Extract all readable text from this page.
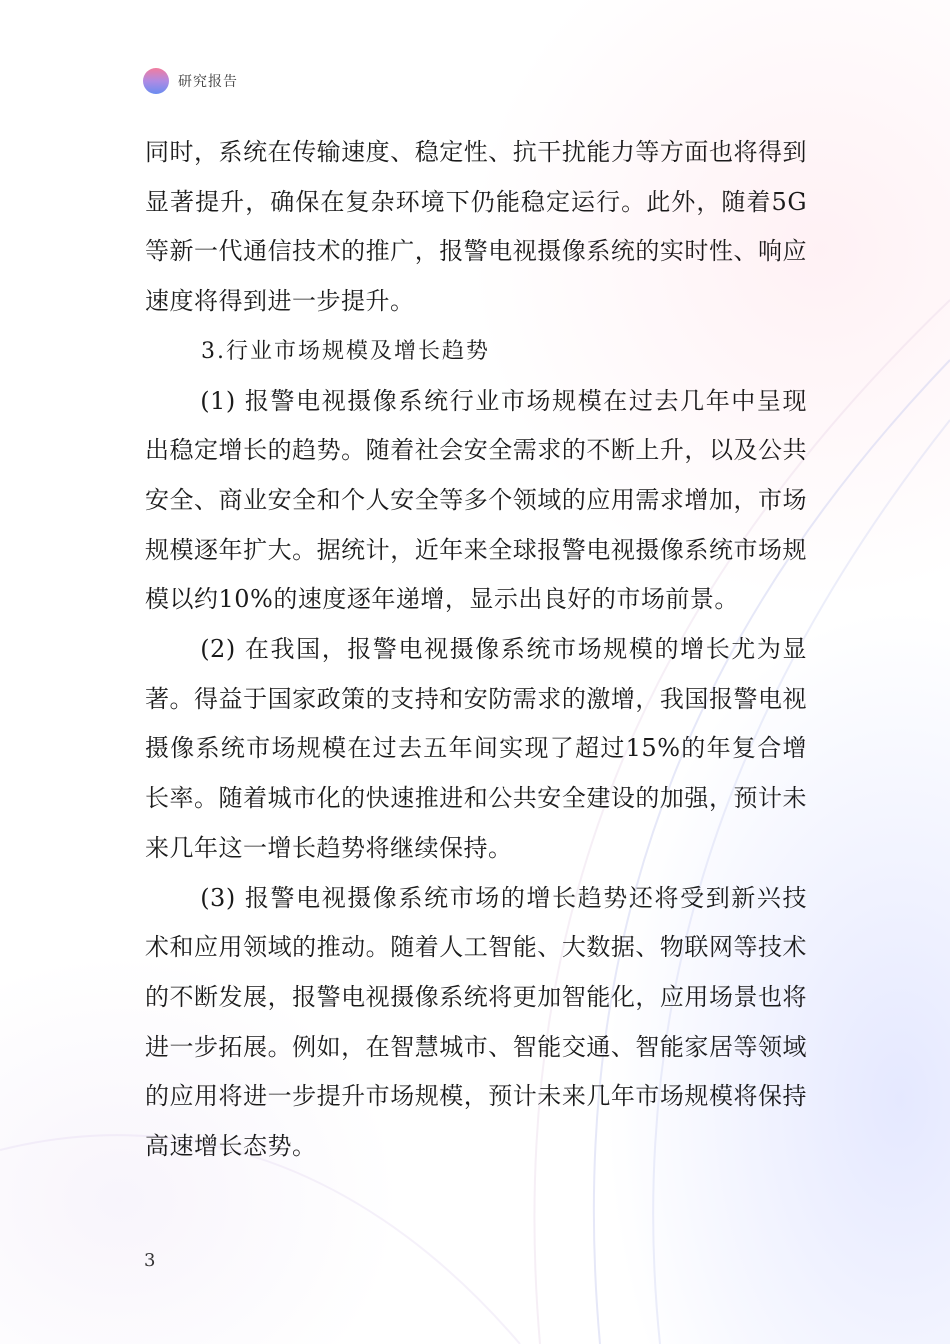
研究报告

同时，系统在传输速度、稳定性、抗干扰能力等方面也将得到显著提升，确保在复杂环境下仍能稳定运行。此外，随着5G等新一代通信技术的推广，报警电视摄像系统的实时性、响应速度将得到进一步提升。

3.行业市场规模及增长趋势

(1) 报警电视摄像系统行业市场规模在过去几年中呈现出稳定增长的趋势。随着社会安全需求的不断上升，以及公共安全、商业安全和个人安全等多个领域的应用需求增加，市场规模逐年扩大。据统计，近年来全球报警电视摄像系统市场规模以约10%的速度逐年递增，显示出良好的市场前景。

(2) 在我国，报警电视摄像系统市场规模的增长尤为显著。得益于国家政策的支持和安防需求的激增，我国报警电视摄像系统市场规模在过去五年间实现了超过15%的年复合增长率。随着城市化的快速推进和公共安全建设的加强，预计未来几年这一增长趋势将继续保持。

(3) 报警电视摄像系统市场的增长趋势还将受到新兴技术和应用领域的推动。随着人工智能、大数据、物联网等技术的不断发展，报警电视摄像系统将更加智能化，应用场景也将进一步拓展。例如，在智慧城市、智能交通、智能家居等领域的应用将进一步提升市场规模，预计未来几年市场规模将保持高速增长态势。

3
